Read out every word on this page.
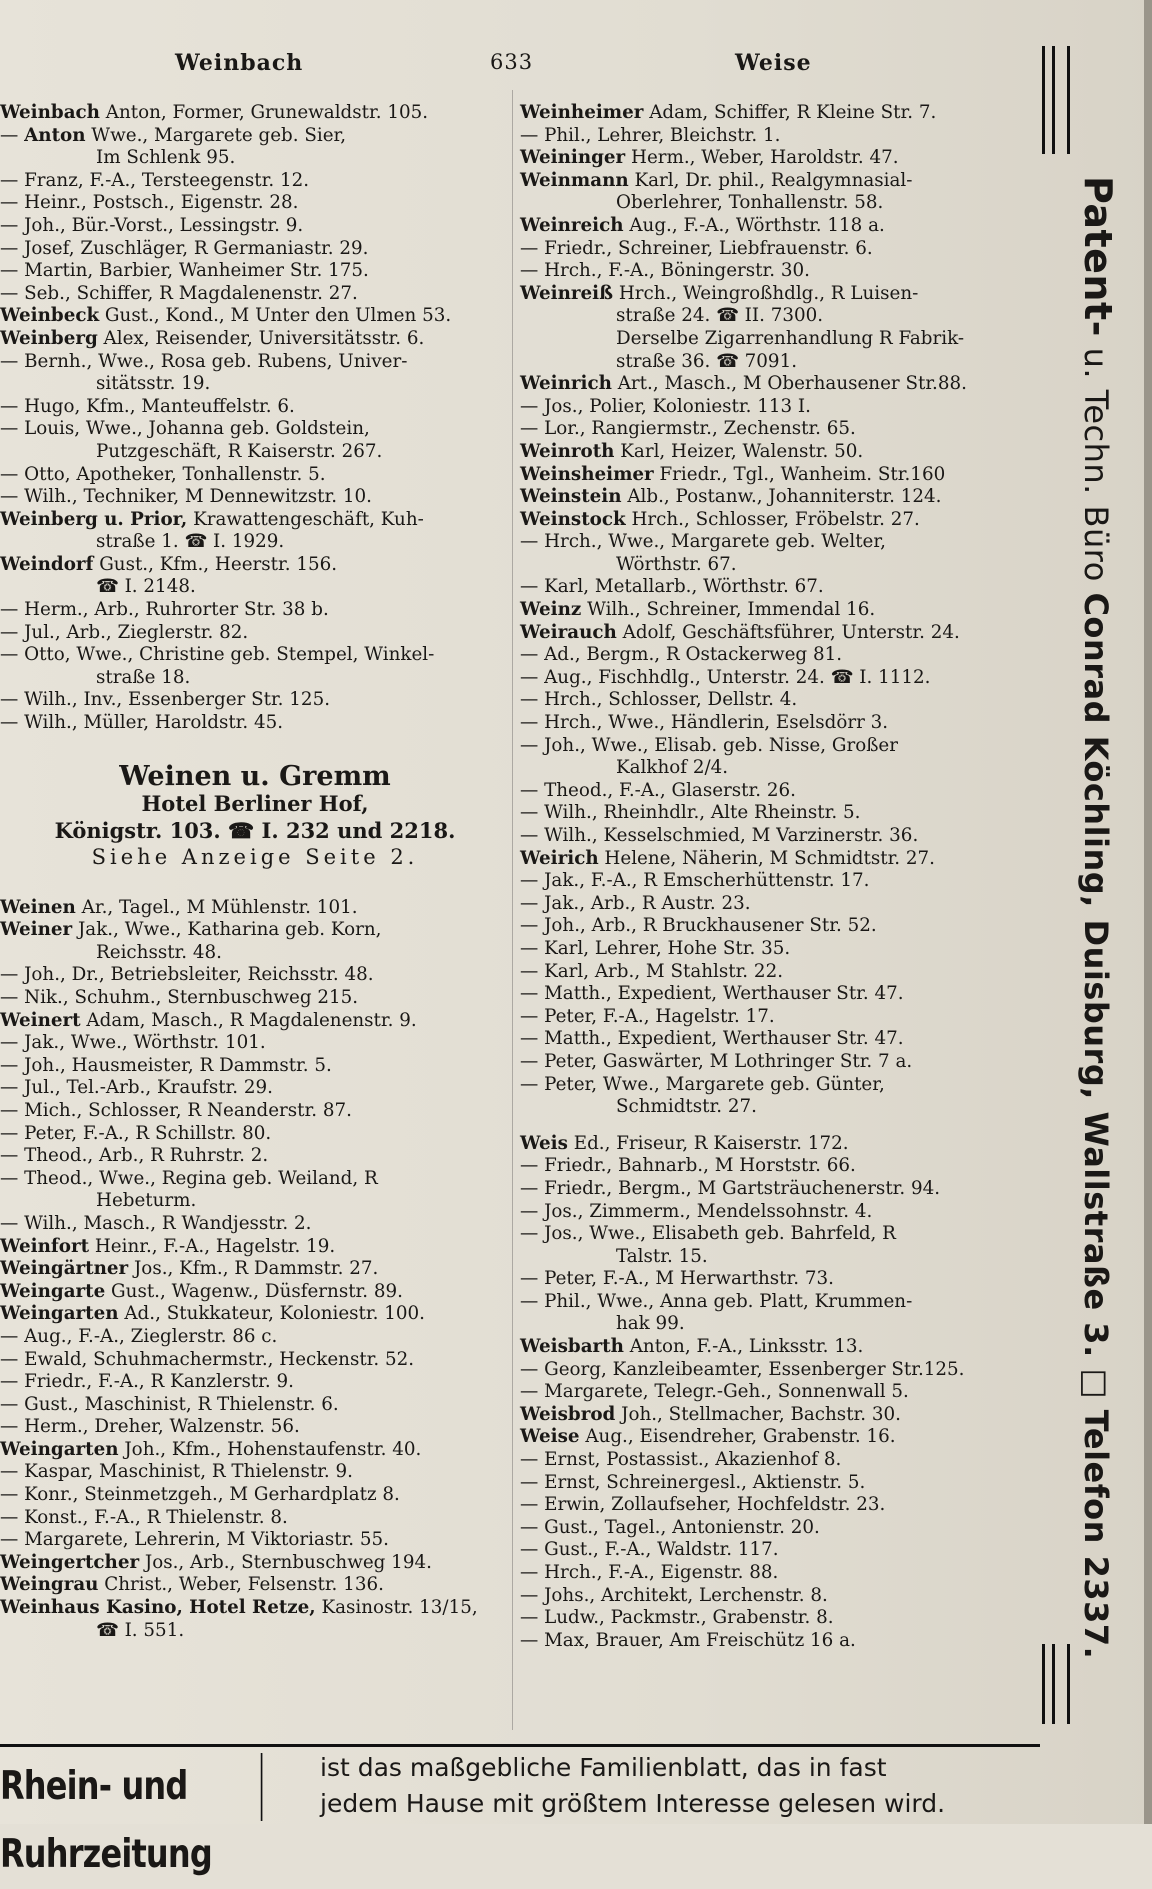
Weinbach	633	Weise
Weinbach Anton, Former, Grunewaldstr. 105.
— Anton Wwe., Margarete geb. Sier,
Im Schlenk 95.
— Franz, F.-A., Tersteegenstr. 12.
— Heinr., Postsch., Eigenstr. 28.
— Joh., Bür.-Vorst., Lessingstr. 9.
— Josef, Zuschläger, R Germaniastr. 29.
— Martin, Barbier, Wanheimer Str. 175.
— Seb., Schiffer, R Magdalenenstr. 27.
Weinbeck Gust., Kond., M Unter den Ulmen 53.
Weinberg Alex, Reisender, Universitätsstr. 6.
— Bernh., Wwe., Rosa geb. Rubens, Univer-
sitätsstr. 19.
— Hugo, Kfm., Manteuffelstr. 6.
— Louis, Wwe., Johanna geb. Goldstein,
Putzgeschäft, R Kaiserstr. 267.
— Otto, Apotheker, Tonhallenstr. 5.
— Wilh., Techniker, M Dennewitzstr. 10.
Weinberg u. Prior, Krawattengeschäft, Kuh-
straße 1. ☎ I. 1929.
Weindorf Gust., Kfm., Heerstr. 156.
☎ I. 2148.
— Herm., Arb., Ruhrorter Str. 38 b.
— Jul., Arb., Zieglerstr. 82.
— Otto, Wwe., Christine geb. Stempel, Winkel-
straße 18.
— Wilh., Inv., Essenberger Str. 125.
— Wilh., Müller, Haroldstr. 45.
Weinen u. Gremm
Hotel Berliner Hof,
Königstr. 103. ☎ I. 232 und 2218.
Siehe Anzeige Seite 2.
Weinen Ar., Tagel., M Mühlenstr. 101.
Weiner Jak., Wwe., Katharina geb. Korn,
Reichsstr. 48.
— Joh., Dr., Betriebsleiter, Reichsstr. 48.
— Nik., Schuhm., Sternbuschweg 215.
Weinert Adam, Masch., R Magdalenenstr. 9.
— Jak., Wwe., Wörthstr. 101.
— Joh., Hausmeister, R Dammstr. 5.
— Jul., Tel.-Arb., Kraufstr. 29.
— Mich., Schlosser, R Neanderstr. 87.
— Peter, F.-A., R Schillstr. 80.
— Theod., Arb., R Ruhrstr. 2.
— Theod., Wwe., Regina geb. Weiland, R
Hebeturm.
— Wilh., Masch., R Wandjesstr. 2.
Weinfort Heinr., F.-A., Hagelstr. 19.
Weingärtner Jos., Kfm., R Dammstr. 27.
Weingarte Gust., Wagenw., Düsfernstr. 89.
Weingarten Ad., Stukkateur, Koloniestr. 100.
— Aug., F.-A., Zieglerstr. 86 c.
— Ewald, Schuhmachermstr., Heckenstr. 52.
— Friedr., F.-A., R Kanzlerstr. 9.
— Gust., Maschinist, R Thielenstr. 6.
— Herm., Dreher, Walzenstr. 56.
Weingarten Joh., Kfm., Hohenstaufenstr. 40.
— Kaspar, Maschinist, R Thielenstr. 9.
— Konr., Steinmetzgeh., M Gerhardplatz 8.
— Konst., F.-A., R Thielenstr. 8.
— Margarete, Lehrerin, M Viktoriastr. 55.
Weingertcher Jos., Arb., Sternbuschweg 194.
Weingrau Christ., Weber, Felsenstr. 136.
Weinhaus Kasino, Hotel Retze, Kasinostr. 13/15,
☎ I. 551.
Weinheimer Adam, Schiffer, R Kleine Str. 7.
— Phil., Lehrer, Bleichstr. 1.
Weininger Herm., Weber, Haroldstr. 47.
Weinmann Karl, Dr. phil., Realgymnasial-
Oberlehrer, Tonhallenstr. 58.
Weinreich Aug., F.-A., Wörthstr. 118 a.
— Friedr., Schreiner, Liebfrauenstr. 6.
— Hrch., F.-A., Böningerstr. 30.
Weinreiß Hrch., Weingroßhdlg., R Luisen-
straße 24. ☎ II. 7300.
Derselbe Zigarrenhandlung R Fabrik-
straße 36. ☎ 7091.
Weinrich Art., Masch., M Oberhausener Str.88.
— Jos., Polier, Koloniestr. 113 I.
— Lor., Rangiermstr., Zechenstr. 65.
Weinroth Karl, Heizer, Walenstr. 50.
Weinsheimer Friedr., Tgl., Wanheim. Str.160
Weinstein Alb., Postanw., Johanniterstr. 124.
Weinstock Hrch., Schlosser, Fröbelstr. 27.
— Hrch., Wwe., Margarete geb. Welter,
Wörthstr. 67.
— Karl, Metallarb., Wörthstr. 67.
Weinz Wilh., Schreiner, Immendal 16.
Weirauch Adolf, Geschäftsführer, Unterstr. 24.
— Ad., Bergm., R Ostackerweg 81.
— Aug., Fischhdlg., Unterstr. 24. ☎ I. 1112.
— Hrch., Schlosser, Dellstr. 4.
— Hrch., Wwe., Händlerin, Eselsdörr 3.
— Joh., Wwe., Elisab. geb. Nisse, Großer
Kalkhof 2/4.
— Theod., F.-A., Glaserstr. 26.
— Wilh., Rheinhdlr., Alte Rheinstr. 5.
— Wilh., Kesselschmied, M Varzinerstr. 36.
Weirich Helene, Näherin, M Schmidtstr. 27.
— Jak., F.-A., R Emscherhüttenstr. 17.
— Jak., Arb., R Austr. 23.
— Joh., Arb., R Bruckhausener Str. 52.
— Karl, Lehrer, Hohe Str. 35.
— Karl, Arb., M Stahlstr. 22.
— Matth., Expedient, Werthauser Str. 47.
— Peter, F.-A., Hagelstr. 17.
— Matth., Expedient, Werthauser Str. 47.
— Peter, Gaswärter, M Lothringer Str. 7 a.
— Peter, Wwe., Margarete geb. Günter,
Schmidtstr. 27.
Weis Ed., Friseur, R Kaiserstr. 172.
— Friedr., Bahnarb., M Horststr. 66.
— Friedr., Bergm., M Gartsträuchenerstr. 94.
— Jos., Zimmerm., Mendelssohnstr. 4.
— Jos., Wwe., Elisabeth geb. Bahrfeld, R
Talstr. 15.
— Peter, F.-A., M Herwarthstr. 73.
— Phil., Wwe., Anna geb. Platt, Krummen-
hak 99.
Weisbarth Anton, F.-A., Linksstr. 13.
— Georg, Kanzleibeamter, Essenberger Str.125.
— Margarete, Telegr.-Geh., Sonnenwall 5.
Weisbrod Joh., Stellmacher, Bachstr. 30.
Weise Aug., Eisendreher, Grabenstr. 16.
— Ernst, Postassist., Akazienhof 8.
— Ernst, Schreinergesl., Aktienstr. 5.
— Erwin, Zollaufseher, Hochfeldstr. 23.
— Gust., Tagel., Antonienstr. 20.
— Gust., F.-A., Waldstr. 117.
— Hrch., F.-A., Eigenstr. 88.
— Johs., Architekt, Lerchenstr. 8.
— Ludw., Packmstr., Grabenstr. 8.
— Max, Brauer, Am Freischütz 16 a.
Patent- u. Techn. Büro Conrad Köchling, Duisburg, Wallstraße 3. □ Telefon 2337.
Rhein- und Ruhrzeitung
ist das maßgebliche Familienblatt, das in fast
jedem Hause mit größtem Interesse gelesen wird.
